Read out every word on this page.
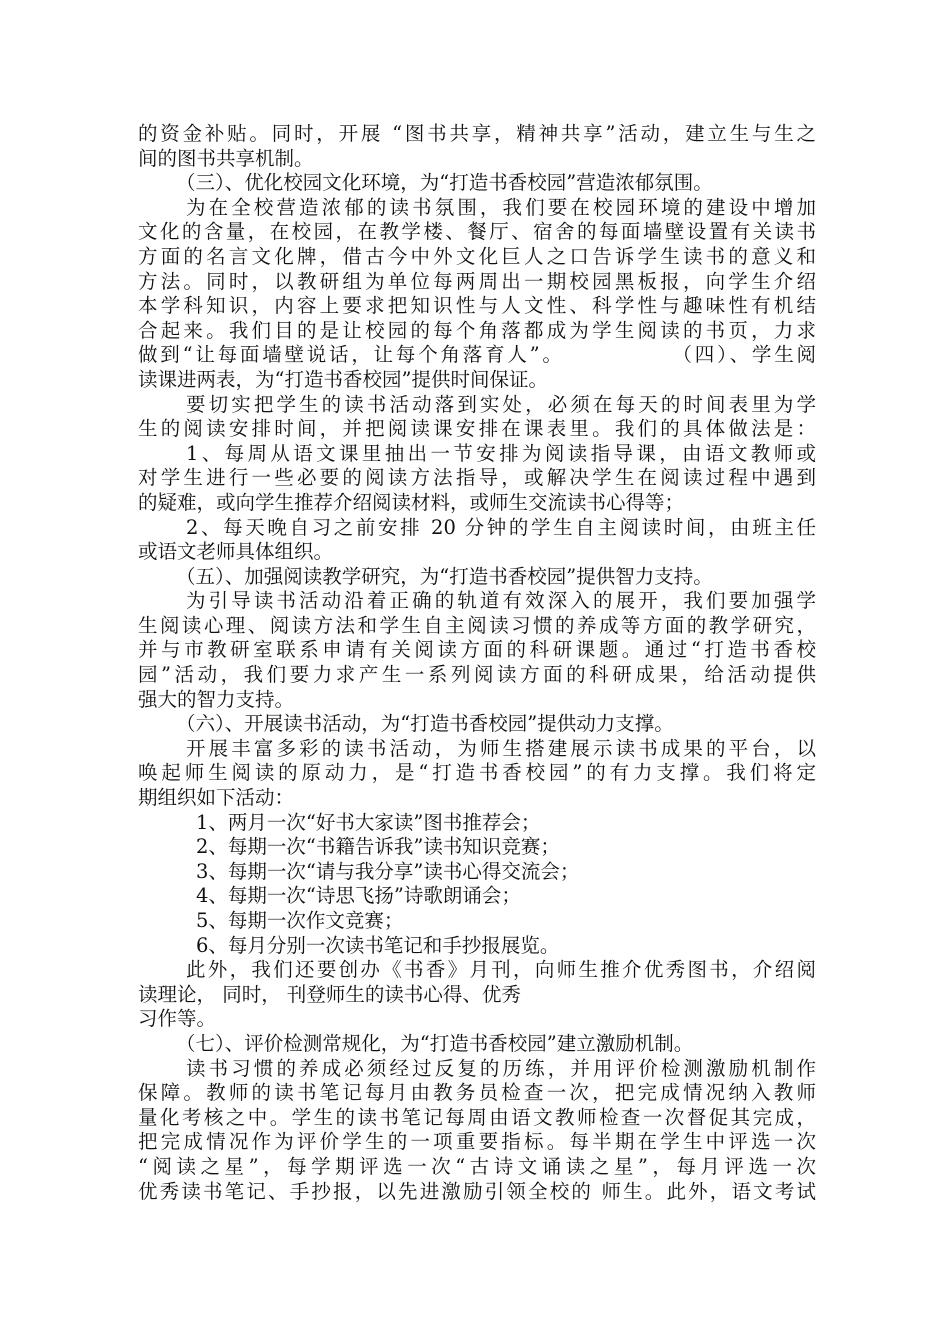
的资金补贴。同时，开展 “图书共享，精神共享”活动，建立生与生之
间的图书共享机制。
（三）、优化校园文化环境，为“打造书香校园”营造浓郁氛围。
为在全校营造浓郁的读书氛围，我们要在校园环境的建设中增加
文化的含量，在校园，在教学楼、餐厅、宿舍的每面墙壁设置有关读书
方面的名言文化牌，借古今中外文化巨人之口告诉学生读书的意义和
方法。同时，以教研组为单位每两周出一期校园黑板报，向学生介绍
本学科知识，内容上要求把知识性与人文性、科学性与趣味性有机结
合起来。我们目的是让校园的每个角落都成为学生阅读的书页，力求
做到“让每面墙壁说话，让每个角落育人”。            （四）、学生阅
读课进两表，为“打造书香校园”提供时间保证。
要切实把学生的读书活动落到实处，必须在每天的时间表里为学
生的阅读安排时间，并把阅读课安排在课表里。我们的具体做法是：
1、每周从语文课里抽出一节安排为阅读指导课，由语文教师或
对学生进行一些必要的阅读方法指导，或解决学生在阅读过程中遇到
的疑难，或向学生推荐介绍阅读材料，或师生交流读书心得等；
2、每天晚自习之前安排 20 分钟的学生自主阅读时间，由班主任
或语文老师具体组织。
（五）、加强阅读教学研究，为“打造书香校园”提供智力支持。
为引导读书活动沿着正确的轨道有效深入的展开，我们要加强学
生阅读心理、阅读方法和学生自主阅读习惯的养成等方面的教学研究，
并与市教研室联系申请有关阅读方面的科研课题。通过“打造书香校
园”活动，我们要力求产生一系列阅读方面的科研成果，给活动提供
强大的智力支持。
（六）、开展读书活动，为“打造书香校园”提供动力支撑。
开展丰富多彩的读书活动，为师生搭建展示读书成果的平台，以
唤起师生阅读的原动力，是“打造书香校园”的有力支撑。我们将定
期组织如下活动：
1、两月一次“好书大家读”图书推荐会；
2、每期一次“书籍告诉我”读书知识竞赛；
3、每期一次“请与我分享”读书心得交流会；
4、每期一次“诗思飞扬”诗歌朗诵会；
5、每期一次作文竞赛；
6、每月分别一次读书笔记和手抄报展览。
此外，我们还要创办《书香》月刊，向师生推介优秀图书，介绍阅
读理论， 同时， 刊登师生的读书心得、优秀
习作等。
（七）、评价检测常规化，为“打造书香校园”建立激励机制。
读书习惯的养成必须经过反复的历练，并用评价检测激励机制作
保障。教师的读书笔记每月由教务员检查一次，把完成情况纳入教师
量化考核之中。学生的读书笔记每周由语文教师检查一次督促其完成，
把完成情况作为评价学生的一项重要指标。每半期在学生中评选一次
“阅读之星”，每学期评选一次“古诗文诵读之星”，每月评选一次
优秀读书笔记、手抄报，以先进激励引领全校的 师生。此外，语文考试
